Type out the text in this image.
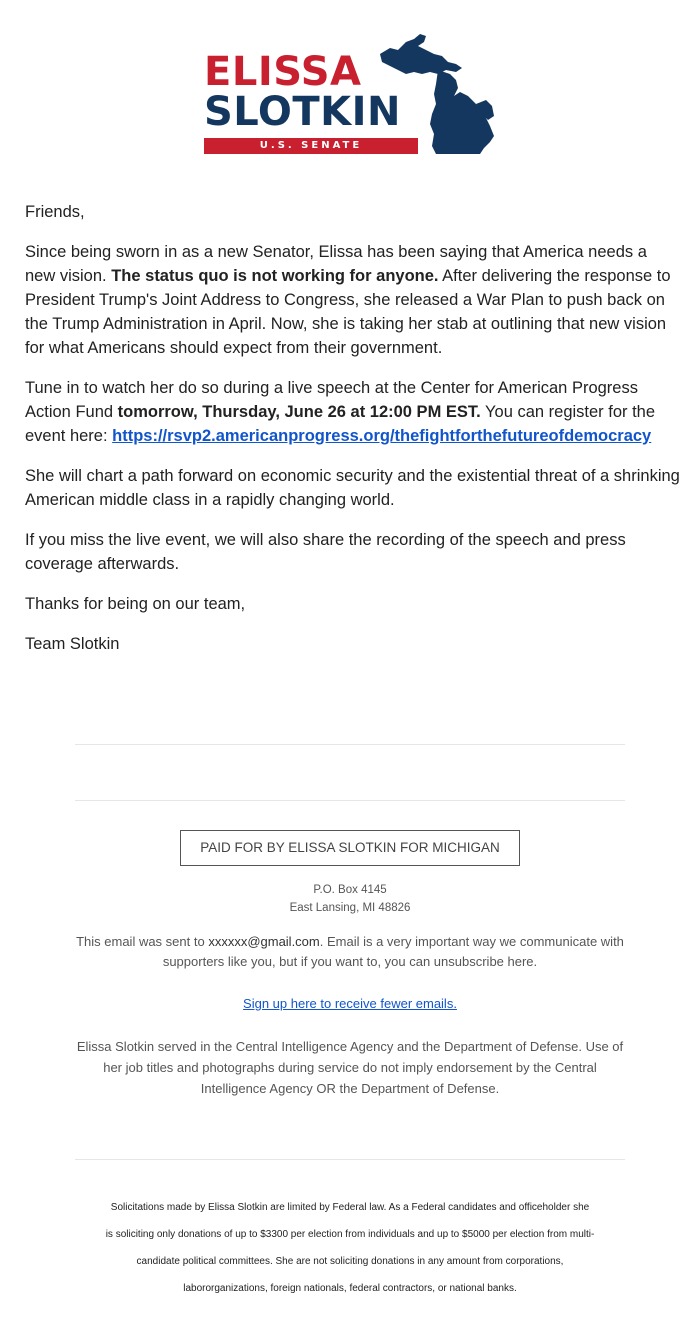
ELISSA
SLOTKIN
U.S. SENATE

Friends,

Since being sworn in as a new Senator, Elissa has been saying that America needs a new vision. The status quo is not working for anyone. After delivering the response to President Trump's Joint Address to Congress, she released a War Plan to push back on the Trump Administration in April. Now, she is taking her stab at outlining that new vision for what Americans should expect from their government.

Tune in to watch her do so during a live speech at the Center for American Progress Action Fund tomorrow, Thursday, June 26 at 12:00 PM EST. You can register for the event here: https://rsvp2.americanprogress.org/thefightforthefutureofdemocracy

She will chart a path forward on economic security and the existential threat of a shrinking American middle class in a rapidly changing world.

If you miss the live event, we will also share the recording of the speech and press coverage afterwards.

Thanks for being on our team,

Team Slotkin

PAID FOR BY ELISSA SLOTKIN FOR MICHIGAN
P.O. Box 4145
East Lansing, MI 48826
This email was sent to xxxxxx@gmail.com. Email is a very important way we communicate with supporters like you, but if you want to, you can unsubscribe here.
Sign up here to receive fewer emails.
Elissa Slotkin served in the Central Intelligence Agency and the Department of Defense. Use of her job titles and photographs during service do not imply endorsement by the Central Intelligence Agency OR the Department of Defense.
Solicitations made by Elissa Slotkin are limited by Federal law. As a Federal candidates and officeholder she
is soliciting only donations of up to $3300 per election from individuals and up to $5000 per election from multi-
candidate political committees. She are not soliciting donations in any amount from corporations,
labororganizations, foreign nationals, federal contractors, or national banks.
